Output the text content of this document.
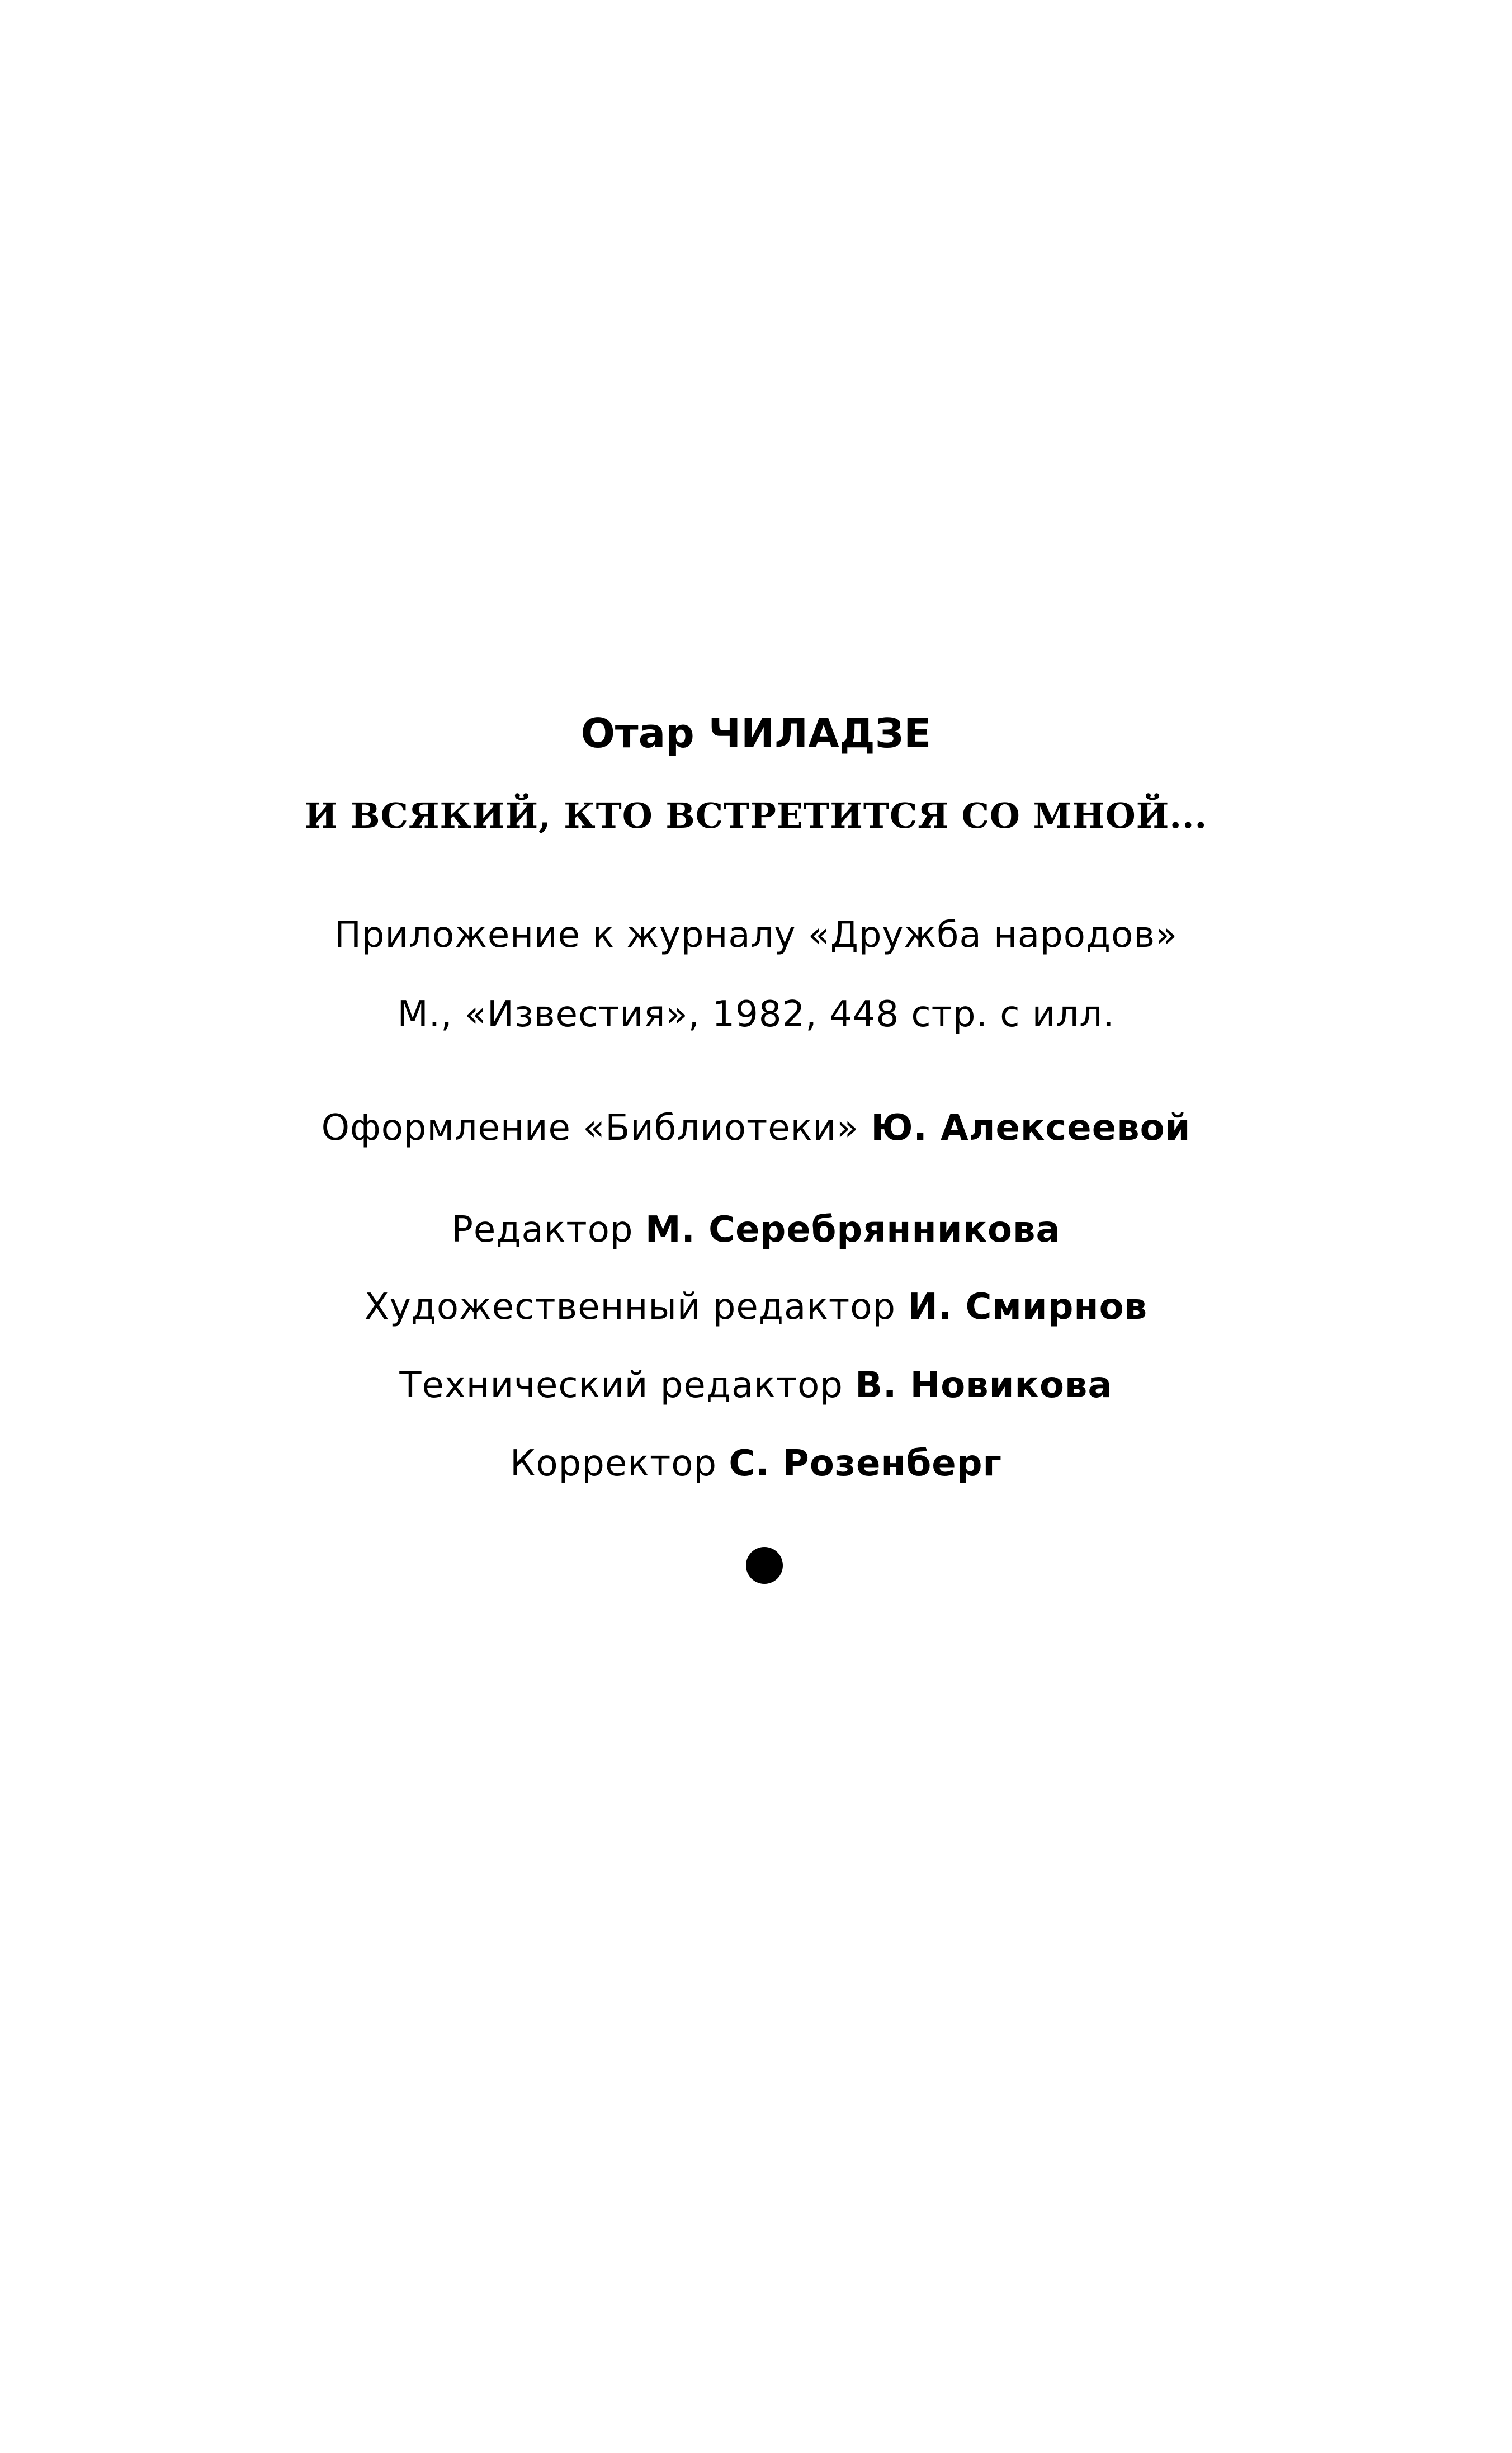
Отар ЧИЛАДЗЕ
И ВСЯКИЙ, КТО ВСТРЕТИТСЯ СО МНОЙ...
Приложение к журналу «Дружба народов»
М., «Известия», 1982, 448 стр. с илл.
Оформление «Библиотеки» Ю. Алексеевой
Редактор М. Серебрянникова
Художественный редактор И. Смирнов
Технический редактор В. Новикова
Корректор С. Розенберг
